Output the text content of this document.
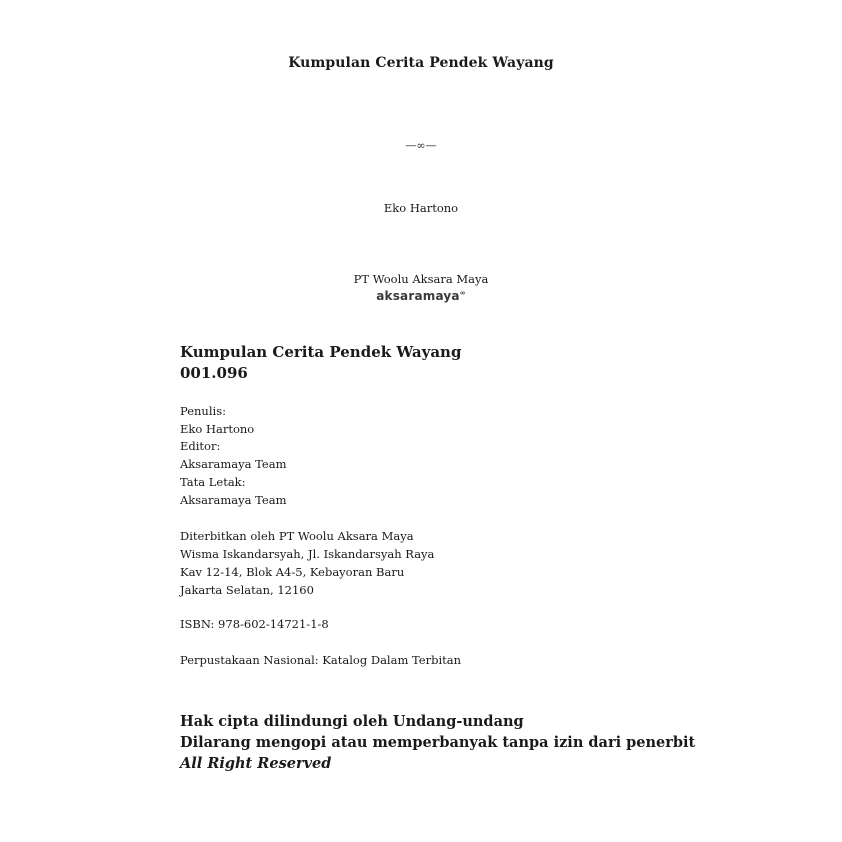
Kumpulan Cerita Pendek Wayang
—∞—
Eko Hartono
PT Woolu Aksara Maya
aksaramaya∞
Kumpulan Cerita Pendek Wayang
001.096
Penulis:
Eko Hartono
Editor:
Aksaramaya Team
Tata Letak:
Aksaramaya Team
Diterbitkan oleh PT Woolu Aksara Maya
Wisma Iskandarsyah, Jl. Iskandarsyah Raya
Kav 12-14, Blok A4-5, Kebayoran Baru
Jakarta Selatan, 12160
ISBN: 978-602-14721-1-8
Perpustakaan Nasional: Katalog Dalam Terbitan
Hak cipta dilindungi oleh Undang-undang
Dilarang mengopi atau memperbanyak tanpa izin dari penerbit
All Right Reserved
